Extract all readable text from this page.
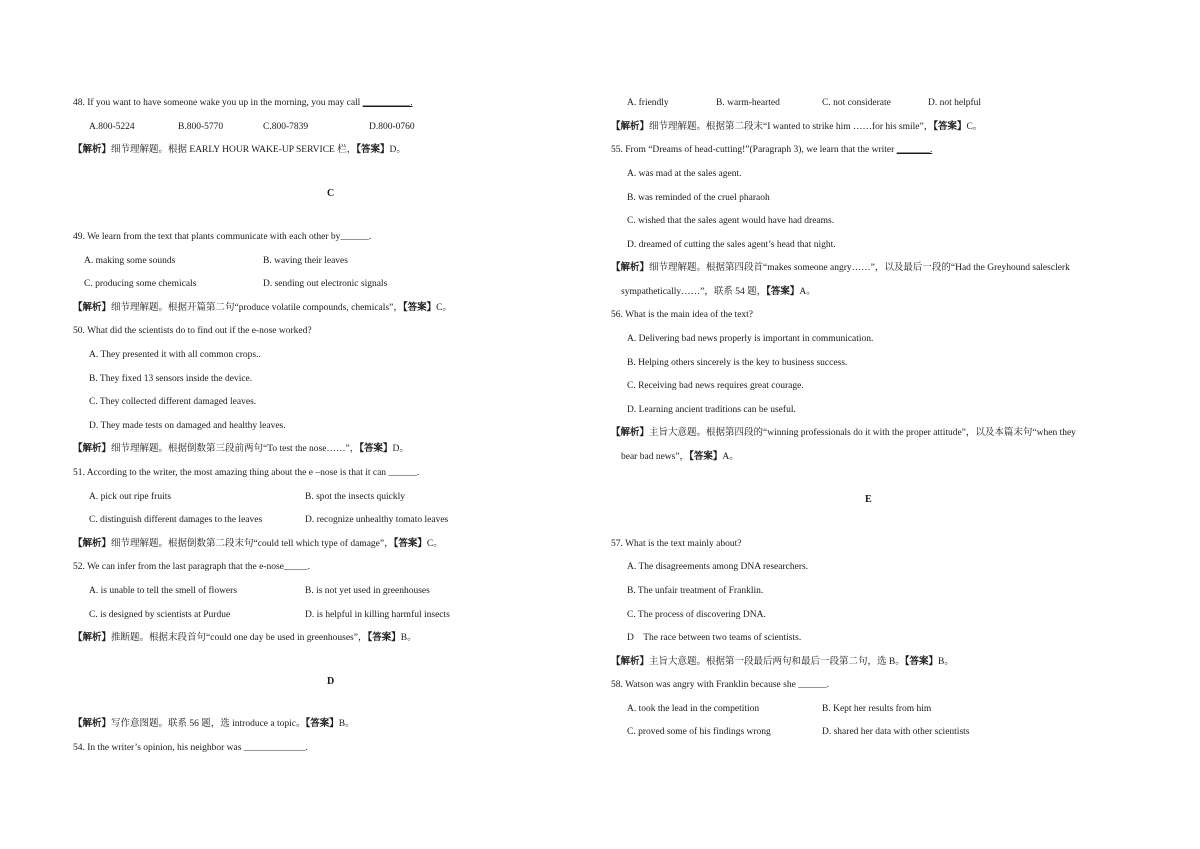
48. If you want to have someone wake you up in the morning, you may call __________.
A.800-5224	B.800-5770	C.800-7839	D.800-0760
【解析】细节理解题。根据 EARLY HOUR WAKE-UP SERVICE 栏，【答案】D。
C
49. We learn from the text that plants communicate with each other by______.
A. making some sounds	B. waving their leaves
C. producing some chemicals	D. sending out electronic signals
【解析】细节理解题。根据开篇第二句“produce volatile compounds, chemicals”，【答案】C。
50. What did the scientists do to find out if the e-nose worked?
A. They presented it with all common crops..
B. They fixed 13 sensors inside the device.
C. They collected different damaged leaves.
D. They made tests on damaged and healthy leaves.
【解析】细节理解题。根据倒数第三段前两句“To test the nose……”，【答案】D。
51. According to the writer, the most amazing thing about the e –nose is that it can ______.
A. pick out ripe fruits	B. spot the insects quickly
C. distinguish different damages to the leaves	D. recognize unhealthy tomato leaves
【解析】细节理解题。根据倒数第二段末句“could tell which type of damage”，【答案】C。
52. We can infer from the last paragraph that the e-nose_____.
A. is unable to tell the smell of flowers	B. is not yet used in greenhouses
C. is designed by scientists at Purdue	D. is helpful in killing harmful insects
【解析】推断题。根据末段首句“could one day be used in greenhouses”，【答案】B。
D
【解析】写作意图题。联系 56 题，选 introduce a topic。【答案】B。
54. In the writer’s opinion, his neighbor was _____________.
A. friendly	B. warm-hearted	C. not considerate	D. not helpful
【解析】细节理解题。根据第二段末“I wanted to strike him ……for his smile”，【答案】C。
55. From “Dreams of head-cutting!”(Paragraph 3), we learn that the writer _______.
A. was mad at the sales agent.
B. was reminded of the cruel pharaoh
C. wished that the sales agent would have had dreams.
D. dreamed of cutting the sales agent’s head that night.
【解析】细节理解题。根据第四段首“makes someone angry……”，以及最后一段的“Had the Greyhound salesclerk
sympathetically……”，联系 54 题，【答案】A。
56. What is the main idea of the text?
A. Delivering bad news properly is important in communication.
B. Helping others sincerely is the key to business success.
C. Receiving bad news requires great courage.
D. Learning ancient traditions can be useful.
【解析】主旨大意题。根据第四段的“winning professionals do it with the proper attitude”，以及本篇末句“when they
bear bad news”，【答案】A。
E
57. What is the text mainly about?
A. The disagreements among DNA researchers.
B. The unfair treatment of Franklin.
C. The process of discovering DNA.
D    The race between two teams of scientists.
【解析】主旨大意题。根据第一段最后两句和最后一段第二句，选 B。【答案】B。
58. Watson was angry with Franklin because she ______.
A. took the lead in the competition	B. Kept her results from him
C. proved some of his findings wrong	D. shared her data with other scientists
